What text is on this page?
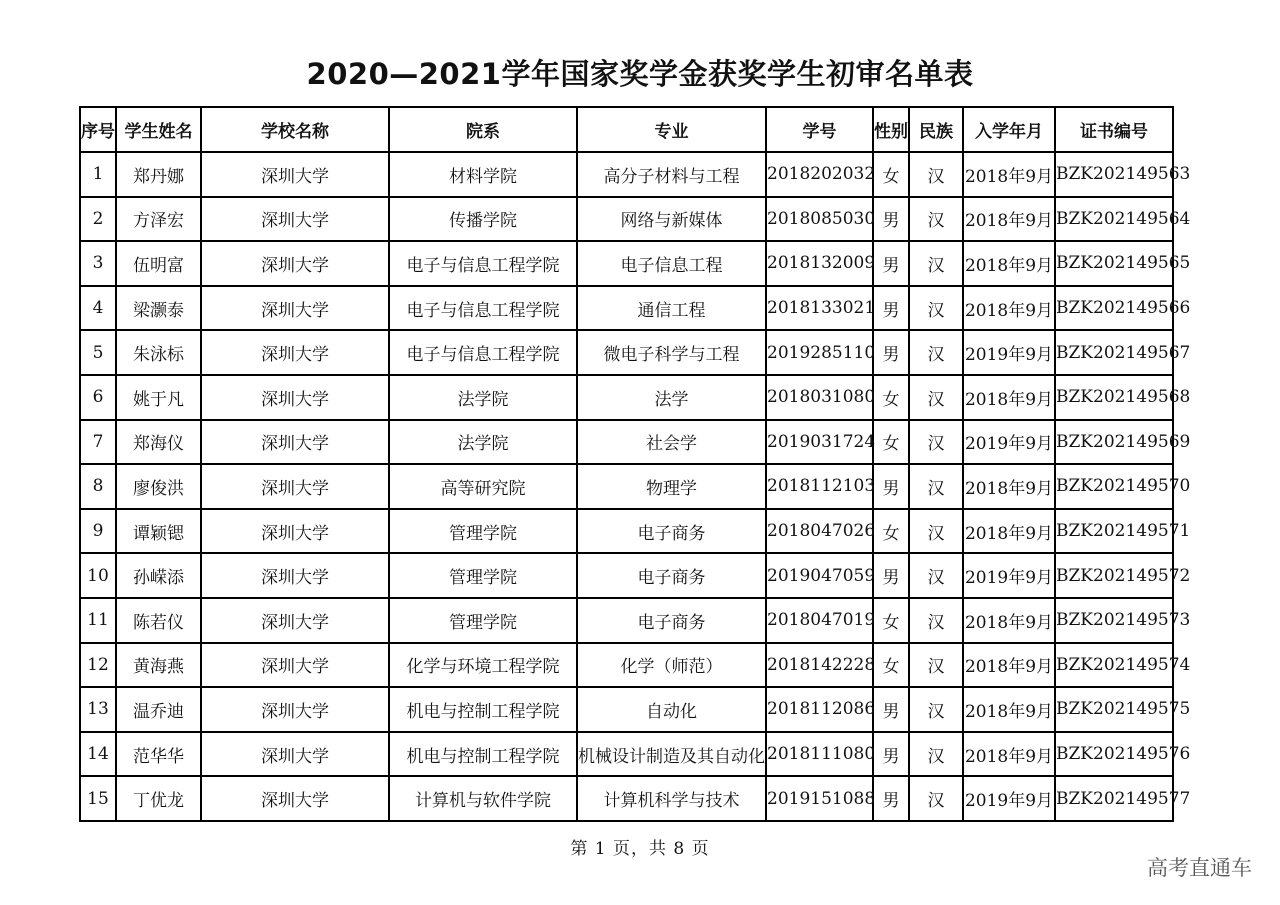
2020—2021学年国家奖学金获奖学生初审名单表
序号	学生姓名	学校名称	院系	专业	学号	性别	民族	入学年月	证书编号
1	郑丹娜	深圳大学	材料学院	高分子材料与工程	2018202032	女	汉	2018年9月	BZK202149563
2	方泽宏	深圳大学	传播学院	网络与新媒体	2018085030	男	汉	2018年9月	BZK202149564
3	伍明富	深圳大学	电子与信息工程学院	电子信息工程	2018132009	男	汉	2018年9月	BZK202149565
4	梁灏泰	深圳大学	电子与信息工程学院	通信工程	2018133021	男	汉	2018年9月	BZK202149566
5	朱泳标	深圳大学	电子与信息工程学院	微电子科学与工程	2019285110	男	汉	2019年9月	BZK202149567
6	姚于凡	深圳大学	法学院	法学	2018031080	女	汉	2018年9月	BZK202149568
7	郑海仪	深圳大学	法学院	社会学	2019031724	女	汉	2019年9月	BZK202149569
8	廖俊洪	深圳大学	高等研究院	物理学	2018112103	男	汉	2018年9月	BZK202149570
9	谭颖锶	深圳大学	管理学院	电子商务	2018047026	女	汉	2018年9月	BZK202149571
10	孙嵘添	深圳大学	管理学院	电子商务	2019047059	男	汉	2019年9月	BZK202149572
11	陈若仪	深圳大学	管理学院	电子商务	2018047019	女	汉	2018年9月	BZK202149573
12	黄海燕	深圳大学	化学与环境工程学院	化学（师范）	2018142228	女	汉	2018年9月	BZK202149574
13	温乔迪	深圳大学	机电与控制工程学院	自动化	2018112086	男	汉	2018年9月	BZK202149575
14	范华华	深圳大学	机电与控制工程学院	机械设计制造及其自动化	2018111080	男	汉	2018年9月	BZK202149576
15	丁优龙	深圳大学	计算机与软件学院	计算机科学与技术	2019151088	男	汉	2019年9月	BZK202149577
第 1 页，共 8 页
高考直通车
